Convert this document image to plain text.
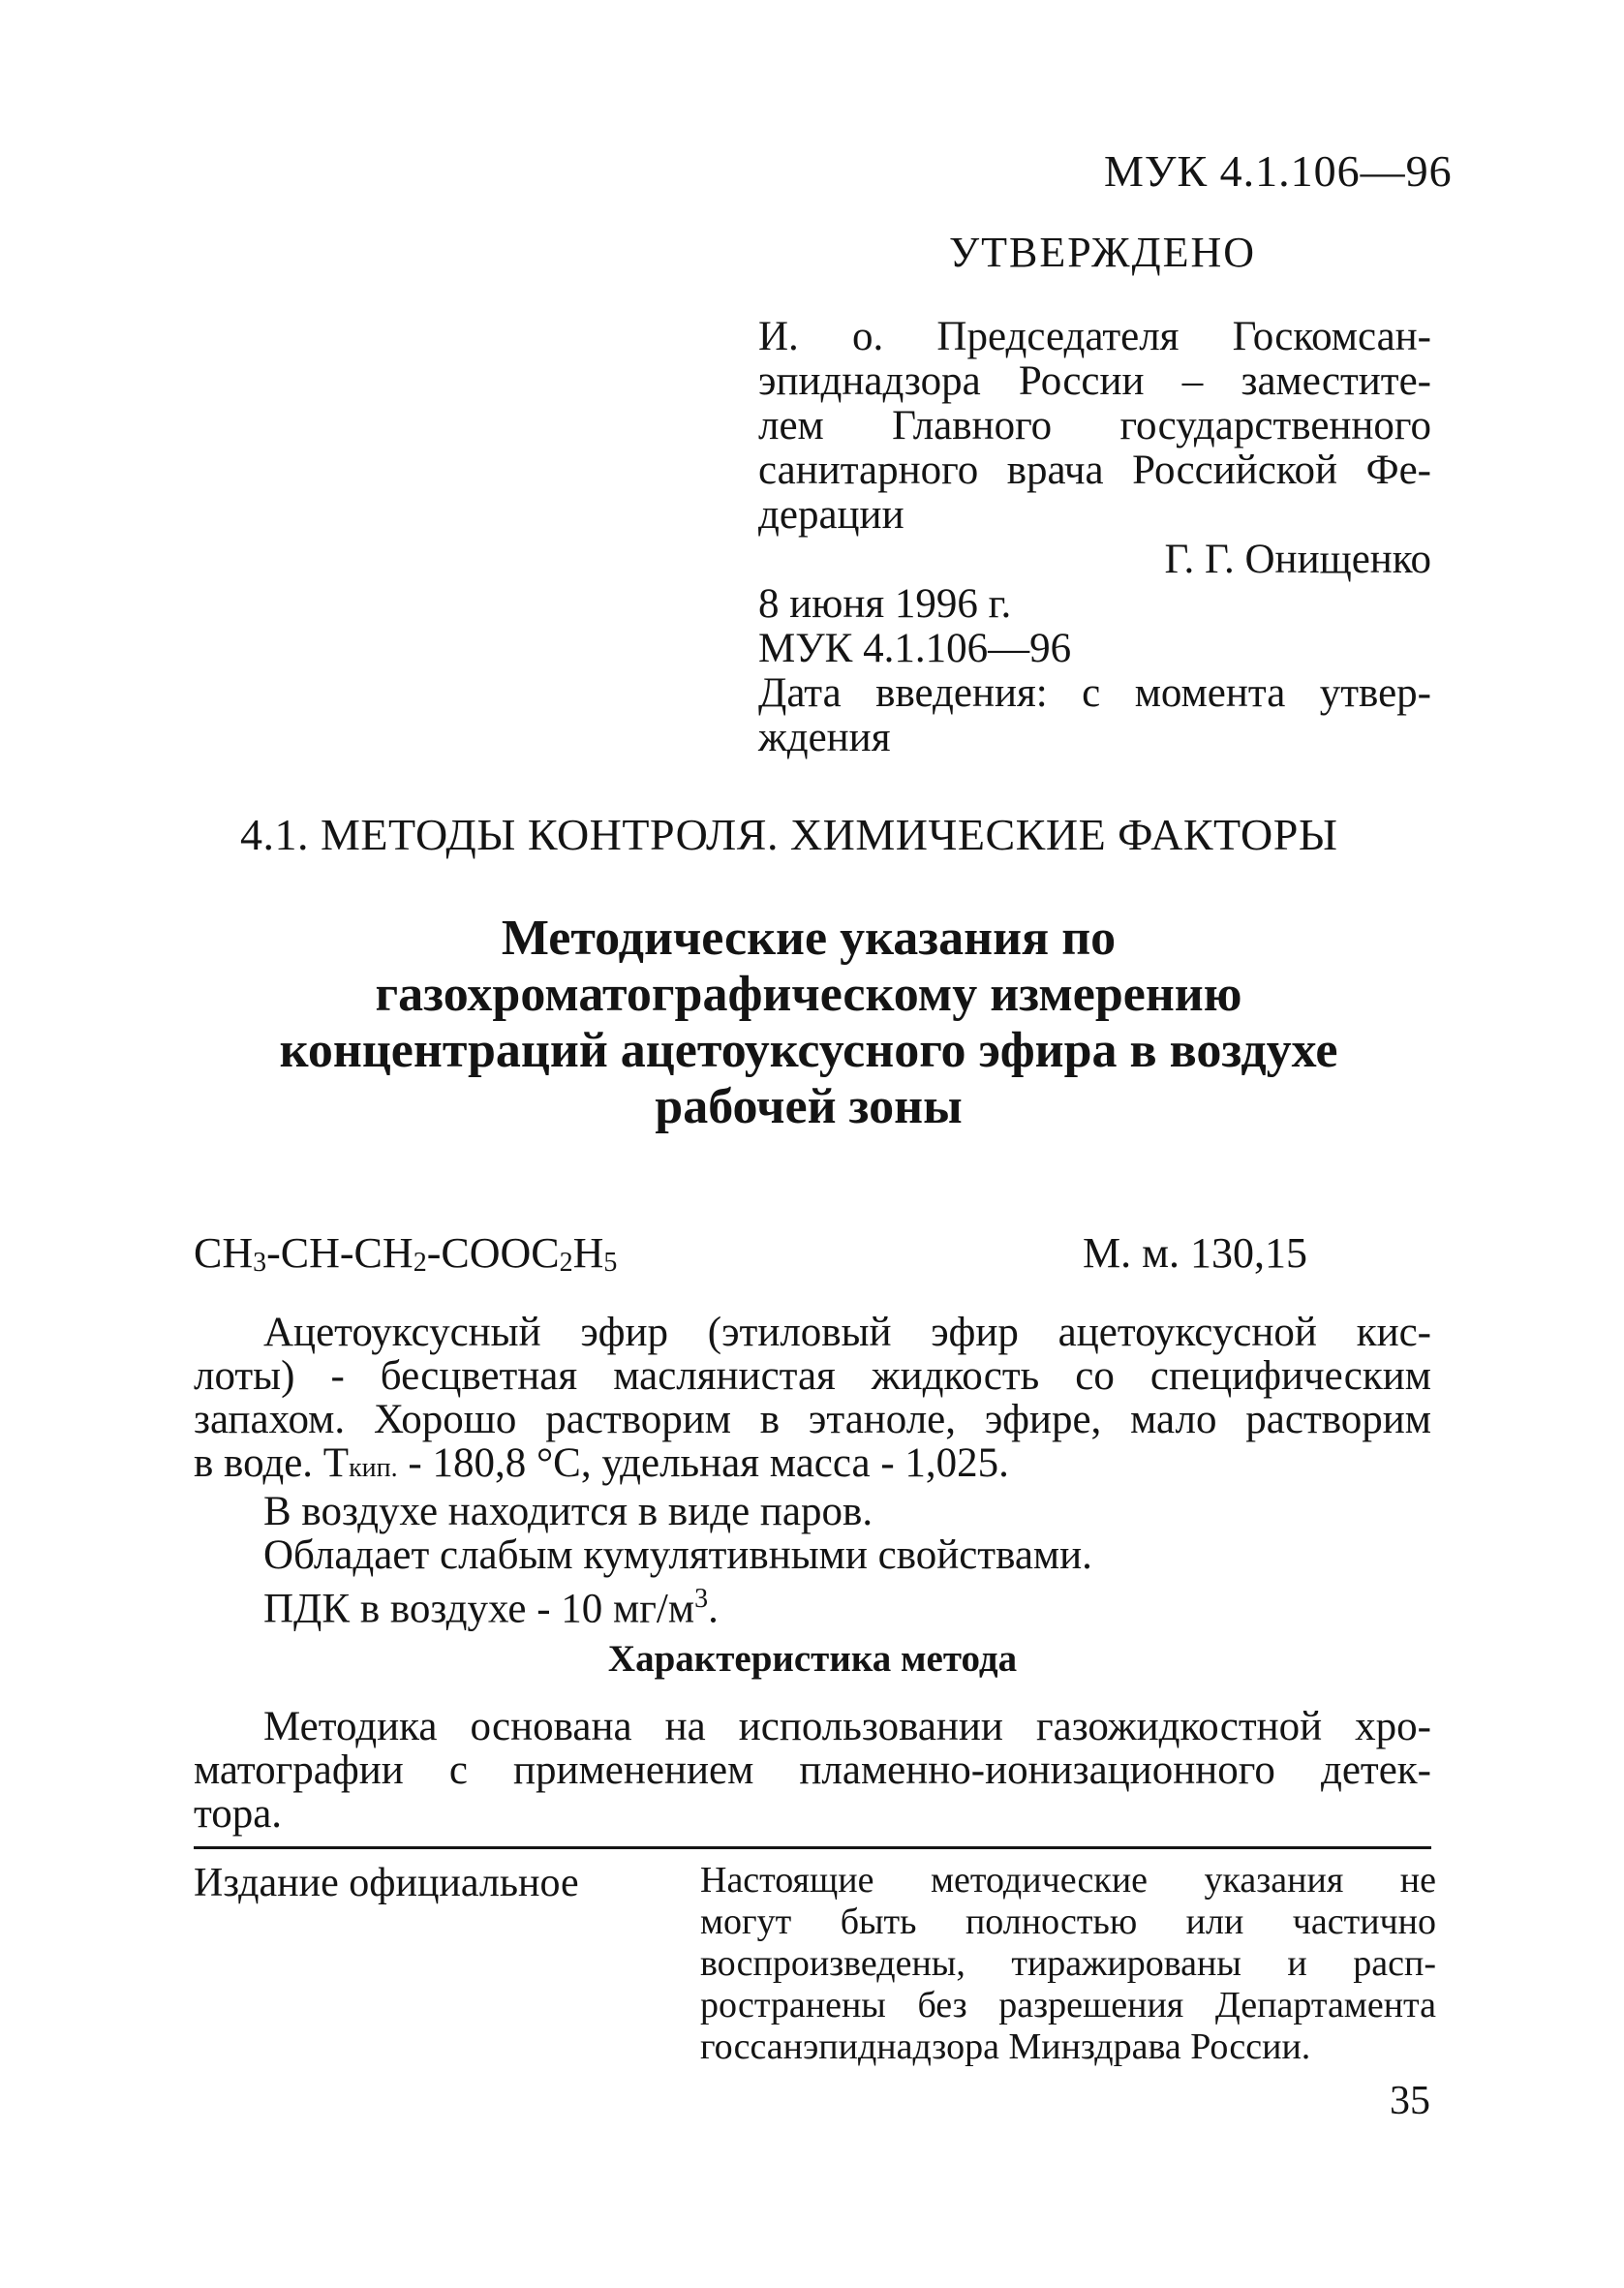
МУК 4.1.106—96
УТВЕРЖДЕНО
И. о. Председателя Госкомсан-
эпиднадзора России – заместите-
лем Главного государственного
санитарного врача Российской Фе-
дерации
Г. Г. Онищенко
8 июня 1996 г.
МУК 4.1.106—96
Дата введения: с момента утвер-
ждения
4.1. МЕТОДЫ КОНТРОЛЯ. ХИМИЧЕСКИЕ ФАКТОРЫ
Методические указания по
газохроматографическому измерению
концентраций ацетоуксусного эфира в воздухе
рабочей зоны
$CH_3-CH-CH_2-COOC_2H_5$	М. м. 130,15
Ацетоуксусный эфир (этиловый эфир ацетоуксусной кис-
лоты) - бесцветная маслянистая жидкость со специфическим
запахом. Хорошо растворим в этаноле, эфире, мало растворим
в воде. Ткип. - 180,8 °С, удельная масса - 1,025.
В воздухе находится в виде паров.
Обладает слабым кумулятивными свойствами.
ПДК в воздухе - 10 $мг/м^3$.
Характеристика метода
Методика основана на использовании газожидкостной хро-
матографии с применением пламенно-ионизационного детек-
тора.
Издание официальное	Настоящие методические указания не
могут быть полностью или частично
воспроизведены, тиражированы и расп-
ространены без разрешения Департамента
госсанэпиднадзора Минздрава России.
35
